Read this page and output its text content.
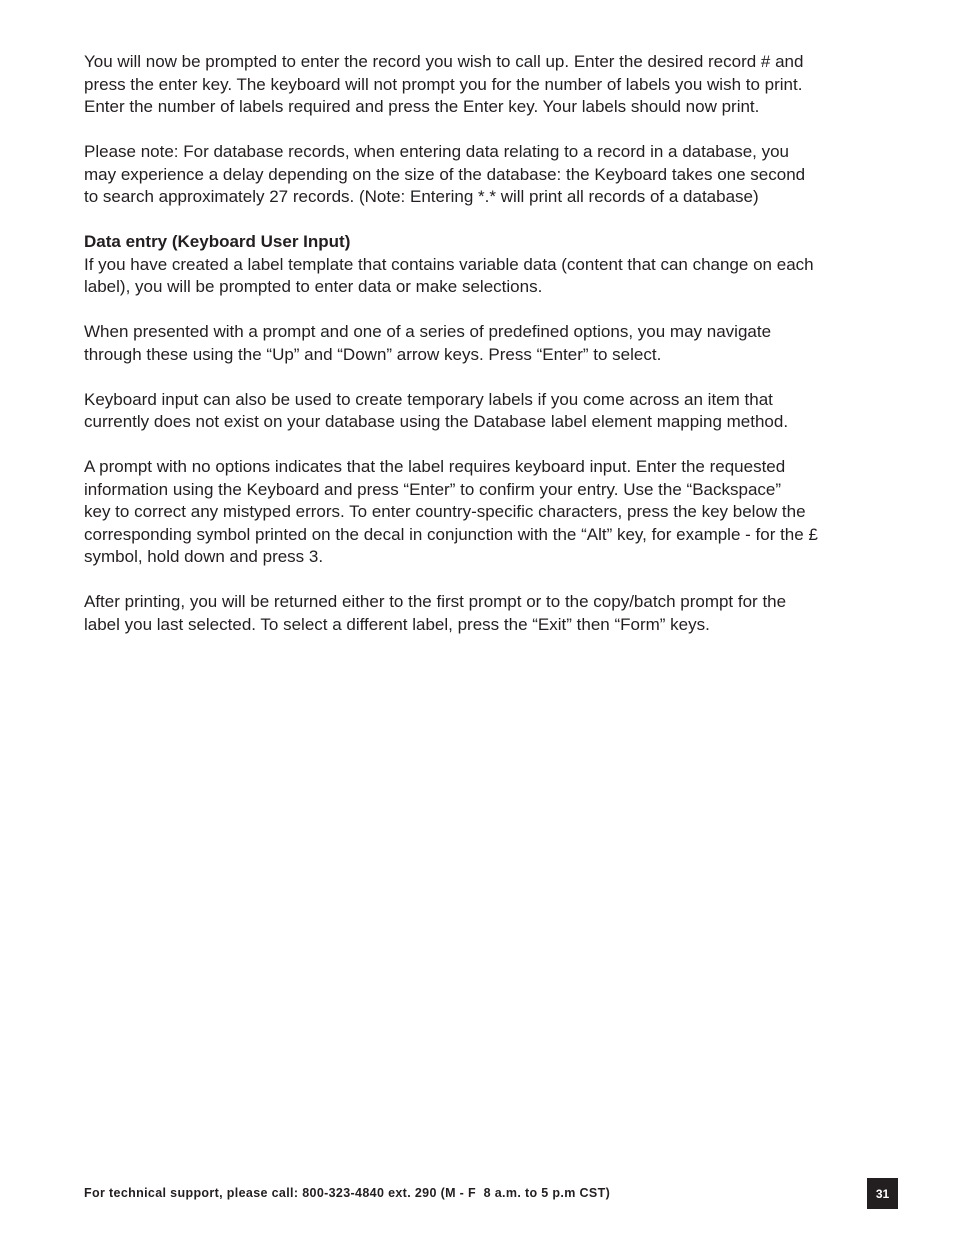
You will now be prompted to enter the record you wish to call up. Enter the desired record # and
press the enter key. The keyboard will not prompt you for the number of labels you wish to print.
Enter the number of labels required and press the Enter key. Your labels should now print.

Please note: For database records, when entering data relating to a record in a database, you
may experience a delay depending on the size of the database: the Keyboard takes one second
to search approximately 27 records. (Note: Entering *.* will print all records of a database)

Data entry (Keyboard User Input)

If you have created a label template that contains variable data (content that can change on each
label), you will be prompted to enter data or make selections.

When presented with a prompt and one of a series of predefined options, you may navigate
through these using the “Up” and “Down” arrow keys. Press “Enter” to select.

Keyboard input can also be used to create temporary labels if you come across an item that
currently does not exist on your database using the Database label element mapping method.

A prompt with no options indicates that the label requires keyboard input. Enter the requested
information using the Keyboard and press “Enter” to confirm your entry. Use the “Backspace”
key to correct any mistyped errors. To enter country-specific characters, press the key below the
corresponding symbol printed on the decal in conjunction with the “Alt” key, for example - for the £
symbol, hold down and press 3.

After printing, you will be returned either to the first prompt or to the copy/batch prompt for the
label you last selected. To select a different label, press the “Exit” then “Form” keys.

For technical support, please call: 800-323-4840 ext. 290 (M - F  8 a.m. to 5 p.m CST)	31
